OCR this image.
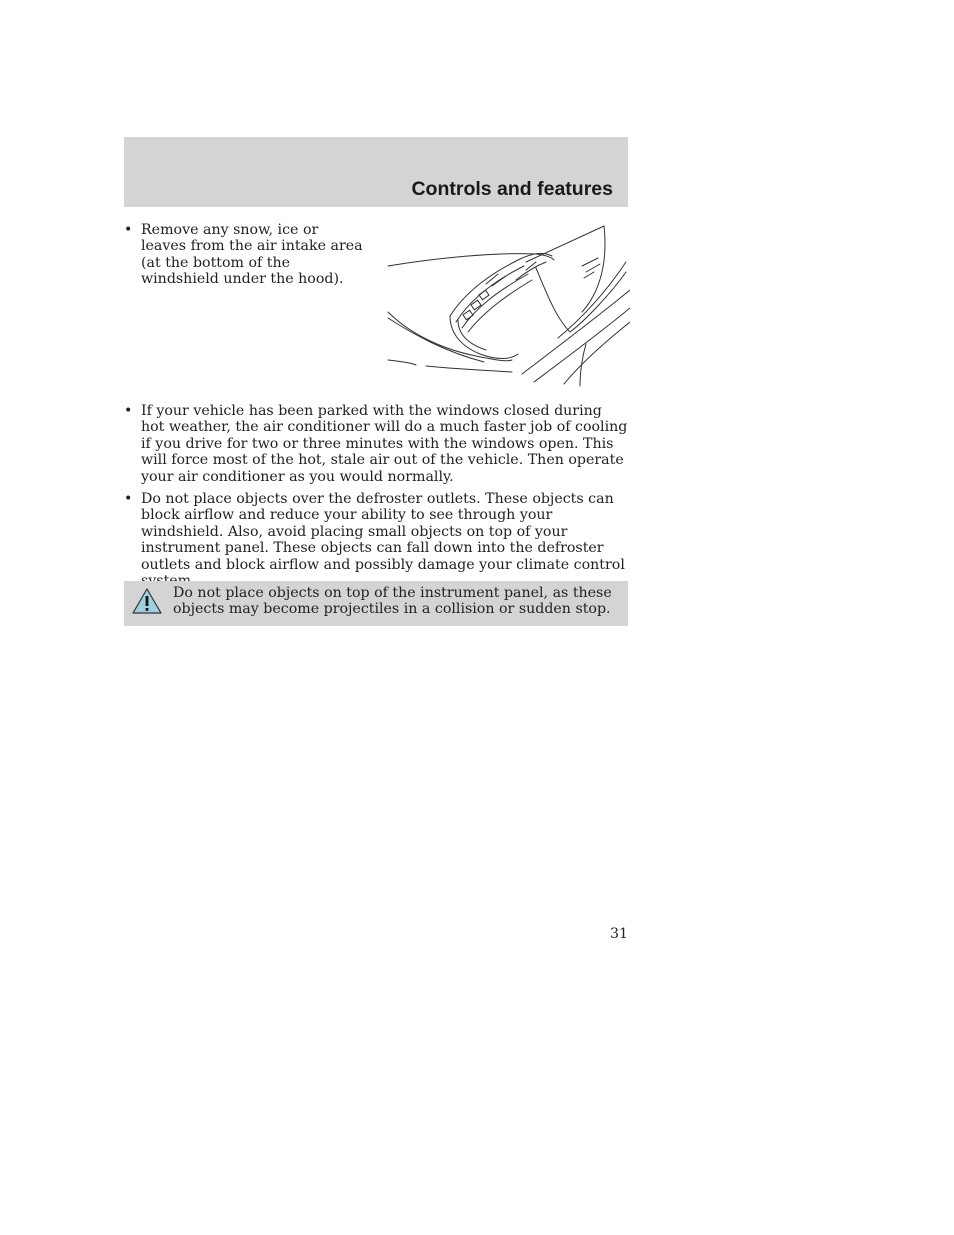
Controls and features
• Remove any snow, ice or leaves from the air intake area (at the bottom of the windshield under the hood).
• If your vehicle has been parked with the windows closed during hot weather, the air conditioner will do a much faster job of cooling if you drive for two or three minutes with the windows open. This will force most of the hot, stale air out of the vehicle. Then operate your air conditioner as you would normally.
• Do not place objects over the defroster outlets. These objects can block airflow and reduce your ability to see through your windshield. Also, avoid placing small objects on top of your instrument panel. These objects can fall down into the defroster outlets and block airflow and possibly damage your climate control
Do not place objects on top of the instrument panel, as these objects may become projectiles in a collision or sudden stop.
31
